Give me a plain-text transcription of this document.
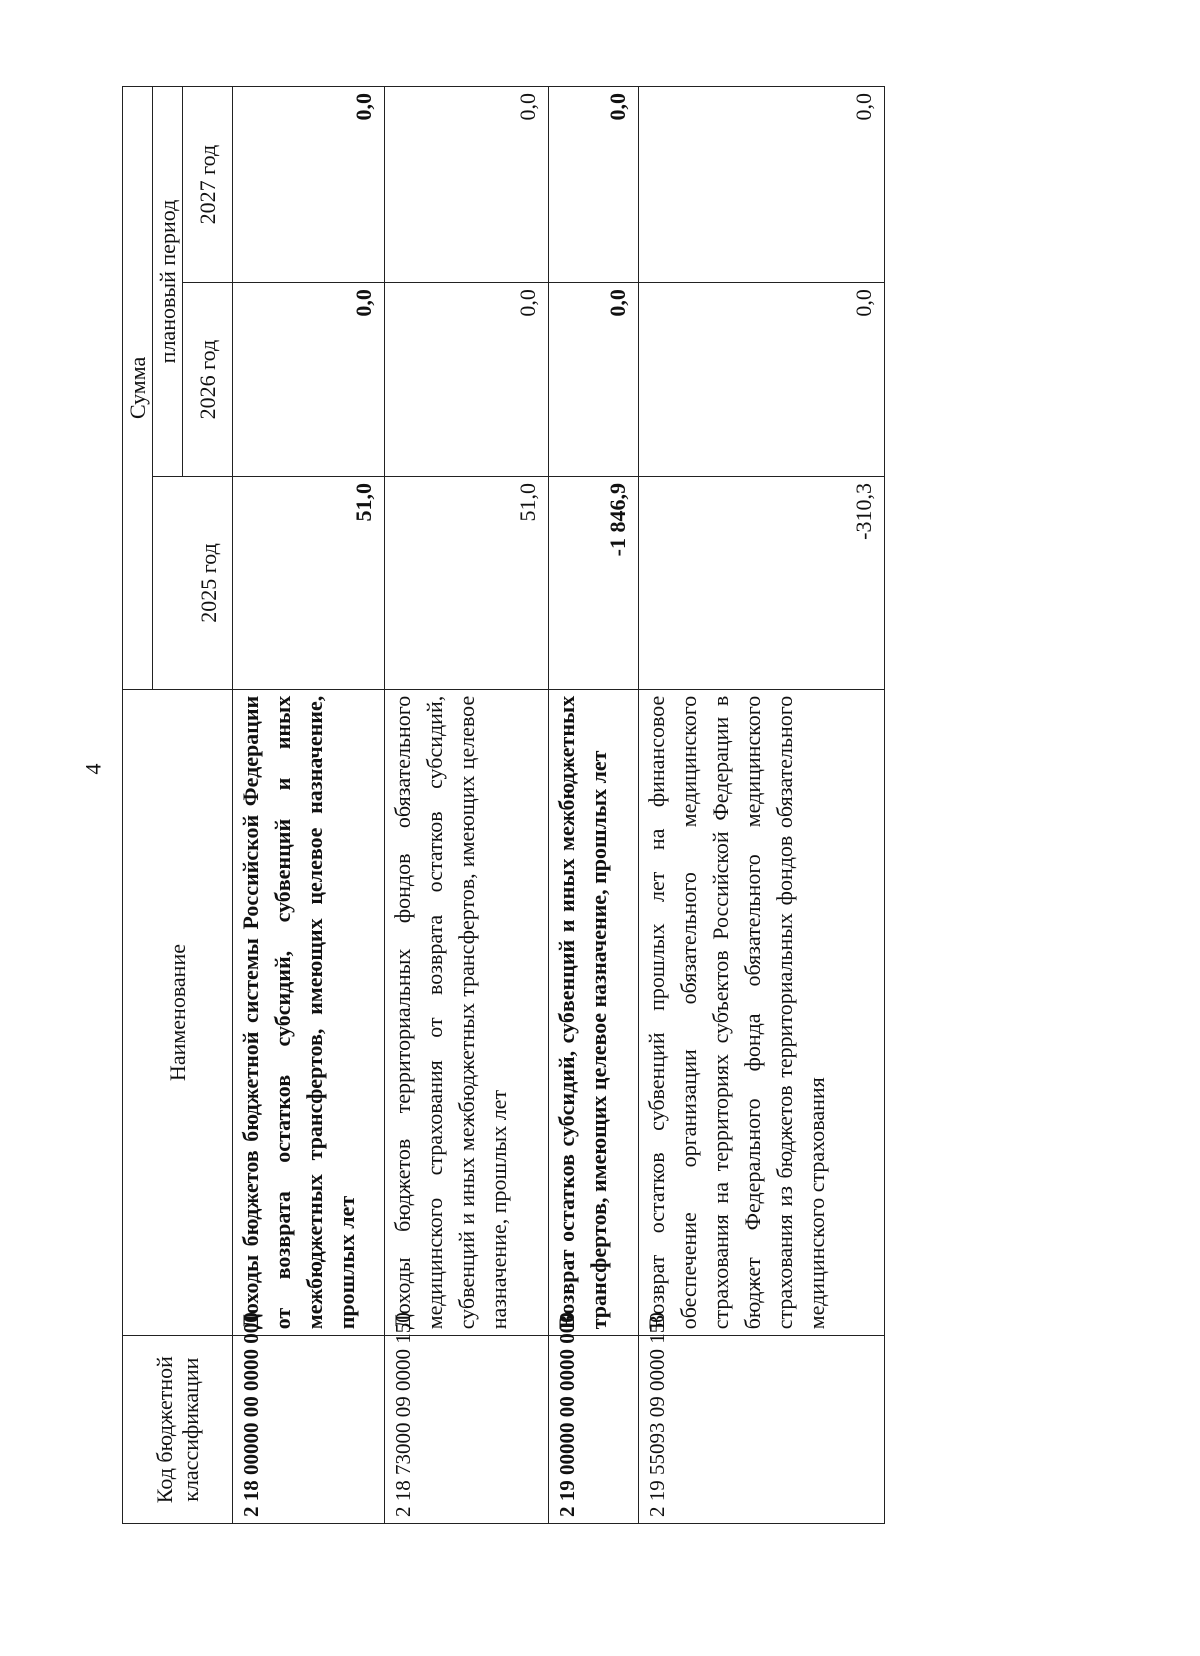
4
Код бюджетной классификации	Наименование	Сумма		
		2025 год	плановый период	
			2026 год	2027 год
2 18 00000 00 0000 000	Доходы бюджетов бюджетной системы Российской Федерации от возврата остатков субсидий, субвенций и иных межбюджетных трансфертов, имеющих целевое назначение, прошлых лет	51,0	0,0	0,0
2 18 73000 09 0000 150	Доходы бюджетов территориальных фондов обязательного медицинского страхования от возврата остатков субсидий, субвенций и иных межбюджетных трансфертов, имеющих целевое назначение, прошлых лет	51,0	0,0	0,0
2 19 00000 00 0000 000	Возврат остатков субсидий, субвенций и иных межбюджетных трансфертов, имеющих целевое назначение, прошлых лет	-1 846,9	0,0	0,0
2 19 55093 09 0000 150	Возврат остатков субвенций прошлых лет на финансовое обеспечение организации обязательного медицинского страхования на территориях субъектов Российской Федерации в бюджет Федерального фонда обязательного медицинского страхования из бюджетов территориальных фондов обязательного медицинского страхования	-310,3	0,0	0,0
